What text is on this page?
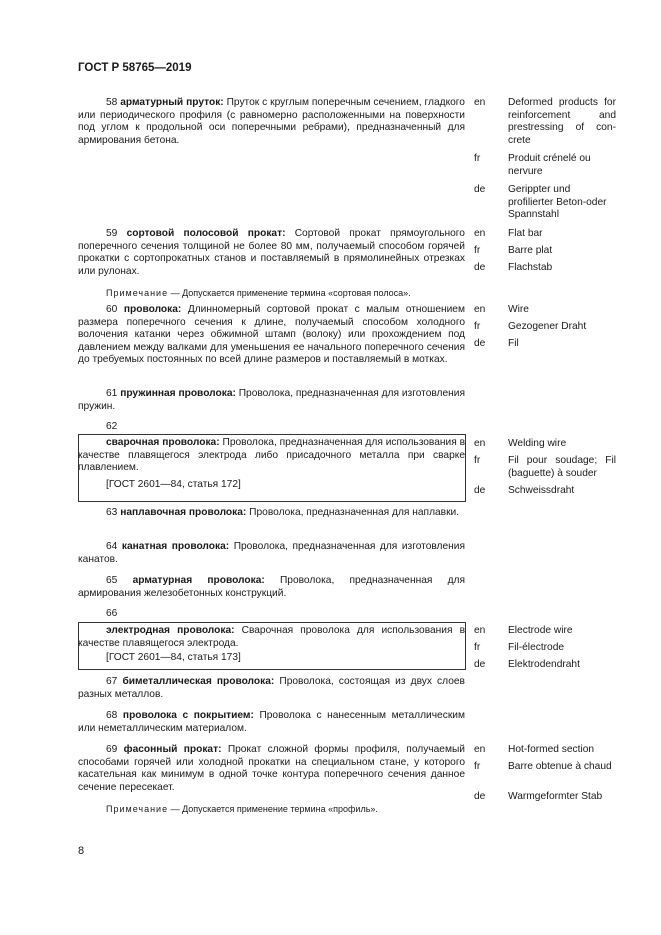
ГОСТ Р 58765—2019
58 арматурный пруток: Пруток с круглым поперечным сечением, гладкого или периодического профиля (с равномерно расположенными на поверхности под углом к продольной оси поперечными ребрами), предназначенный для армирования бетона.
en Deformed products for reinforcement and prestressing of con-crete
fr	Produit crénelé ou nervure
de Gerippter und profilierter Beton-oder Spannstahl
59 сортовой полосовой прокат: Сортовой прокат прямоугольного поперечного сечения толщиной не более 80 мм, получаемый способом горячей прокатки с сортопрокатных станов и поставляемый в прямолинейных отрезках или рулонах.
Примечание — Допускается применение термина «сортовая полоса».
en Flat bar
fr	Barre plat
de Flachstab
60 проволока: Длинномерный сортовой прокат с малым отношением размера поперечного сечения к длине, получаемый способом холодного волочения катанки через обжимной штамп (волоку) или прохождением под давлением между валками для уменьшения ее начального поперечного сечения до требуемых постоянных по всей длине размеров и поставляемый в мотках.
en Wire
fr	Gezogener Draht
de Fil
61 пружинная проволока: Проволока, предназначенная для изготовления пружин.
62
сварочная проволока: Проволока, предназначенная для использования в качестве плавящегося электрода либо присадочного металла при сварке плавлением.
[ГОСТ 2601—84, статья 172]
en Welding wire
fr	Fil pour soudage; Fil (baguette) à souder
de Schweissdraht
63 наплавочная проволока: Проволока, предназначенная для наплавки.
64 канатная проволока: Проволока, предназначенная для изготовления канатов.
65 арматурная проволока: Проволока, предназначенная для армирования железобетонных конструкций.
66
электродная проволока: Сварочная проволока для использования в качестве плавящегося электрода.
[ГОСТ 2601—84, статья 173]
en Electrode wire
fr	Fil-électrode
de Elektrodendraht
67 биметаллическая проволока: Проволока, состоящая из двух слоев разных металлов.
68 проволока с покрытием: Проволока с нанесенным металлическим или неметаллическим материалом.
69 фасонный прокат: Прокат сложной формы профиля, получаемый способами горячей или холодной прокатки на специальном стане, у которого касательная как минимум в одной точке контура поперечного сечения данное сечение пересекает.
Примечание — Допускается применение термина «профиль».
en Hot-formed section
fr	Barre obtenue à chaud
de Warmgeformter Stab
8
